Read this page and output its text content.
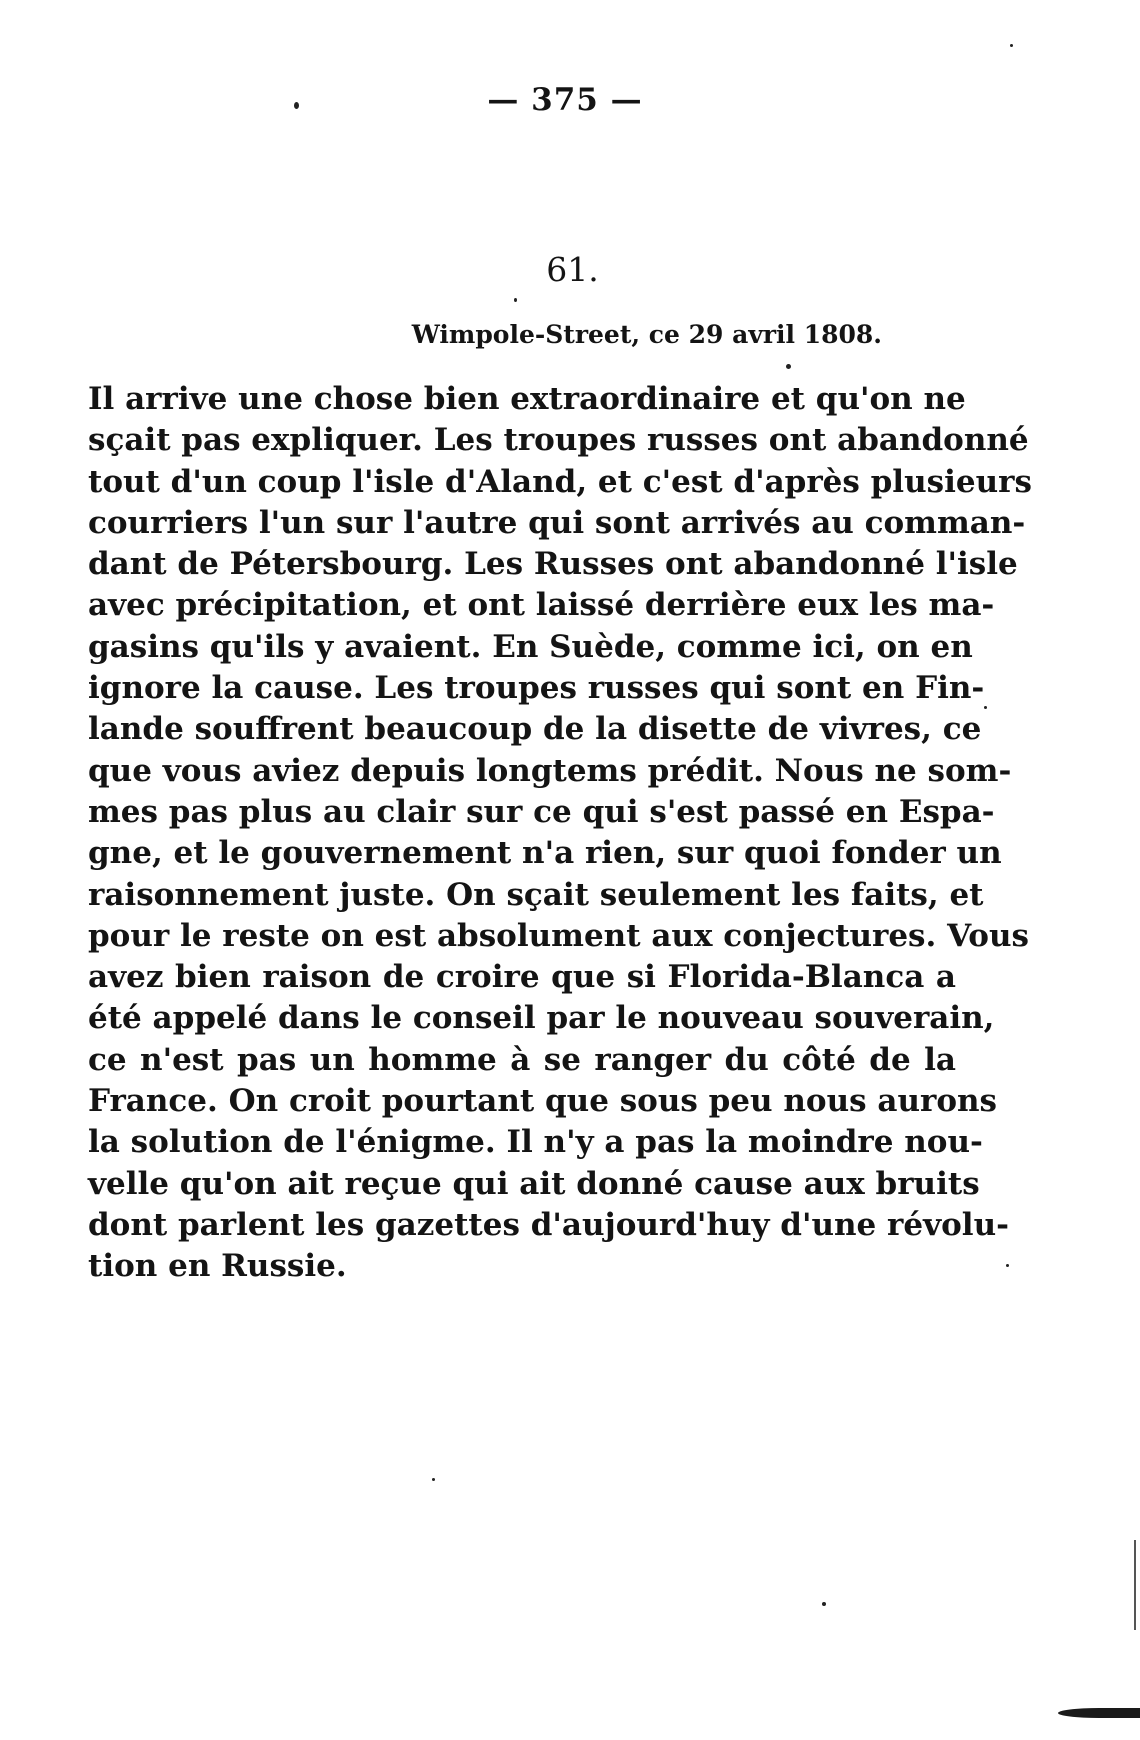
— 375 —
61.
Wimpole-Street, ce 29 avril 1808.
Il arrive une chose bien extraordinaire et qu'on ne
sçait pas expliquer. Les troupes russes ont abandonné
tout d'un coup l'isle d'Aland, et c'est d'après plusieurs
courriers l'un sur l'autre qui sont arrivés au comman-
dant de Pétersbourg. Les Russes ont abandonné l'isle
avec précipitation, et ont laissé derrière eux les ma-
gasins qu'ils y avaient. En Suède, comme ici, on en
ignore la cause. Les troupes russes qui sont en Fin-
lande souffrent beaucoup de la disette de vivres, ce
que vous aviez depuis longtems prédit. Nous ne som-
mes pas plus au clair sur ce qui s'est passé en Espa-
gne, et le gouvernement n'a rien, sur quoi fonder un
raisonnement juste. On sçait seulement les faits, et
pour le reste on est absolument aux conjectures. Vous
avez bien raison de croire que si Florida-Blanca a
été appelé dans le conseil par le nouveau souverain,
ce n'est pas un homme à se ranger du côté de la
France. On croit pourtant que sous peu nous aurons
la solution de l'énigme. Il n'y a pas la moindre nou-
velle qu'on ait reçue qui ait donné cause aux bruits
dont parlent les gazettes d'aujourd'huy d'une révolu-
tion en Russie.
